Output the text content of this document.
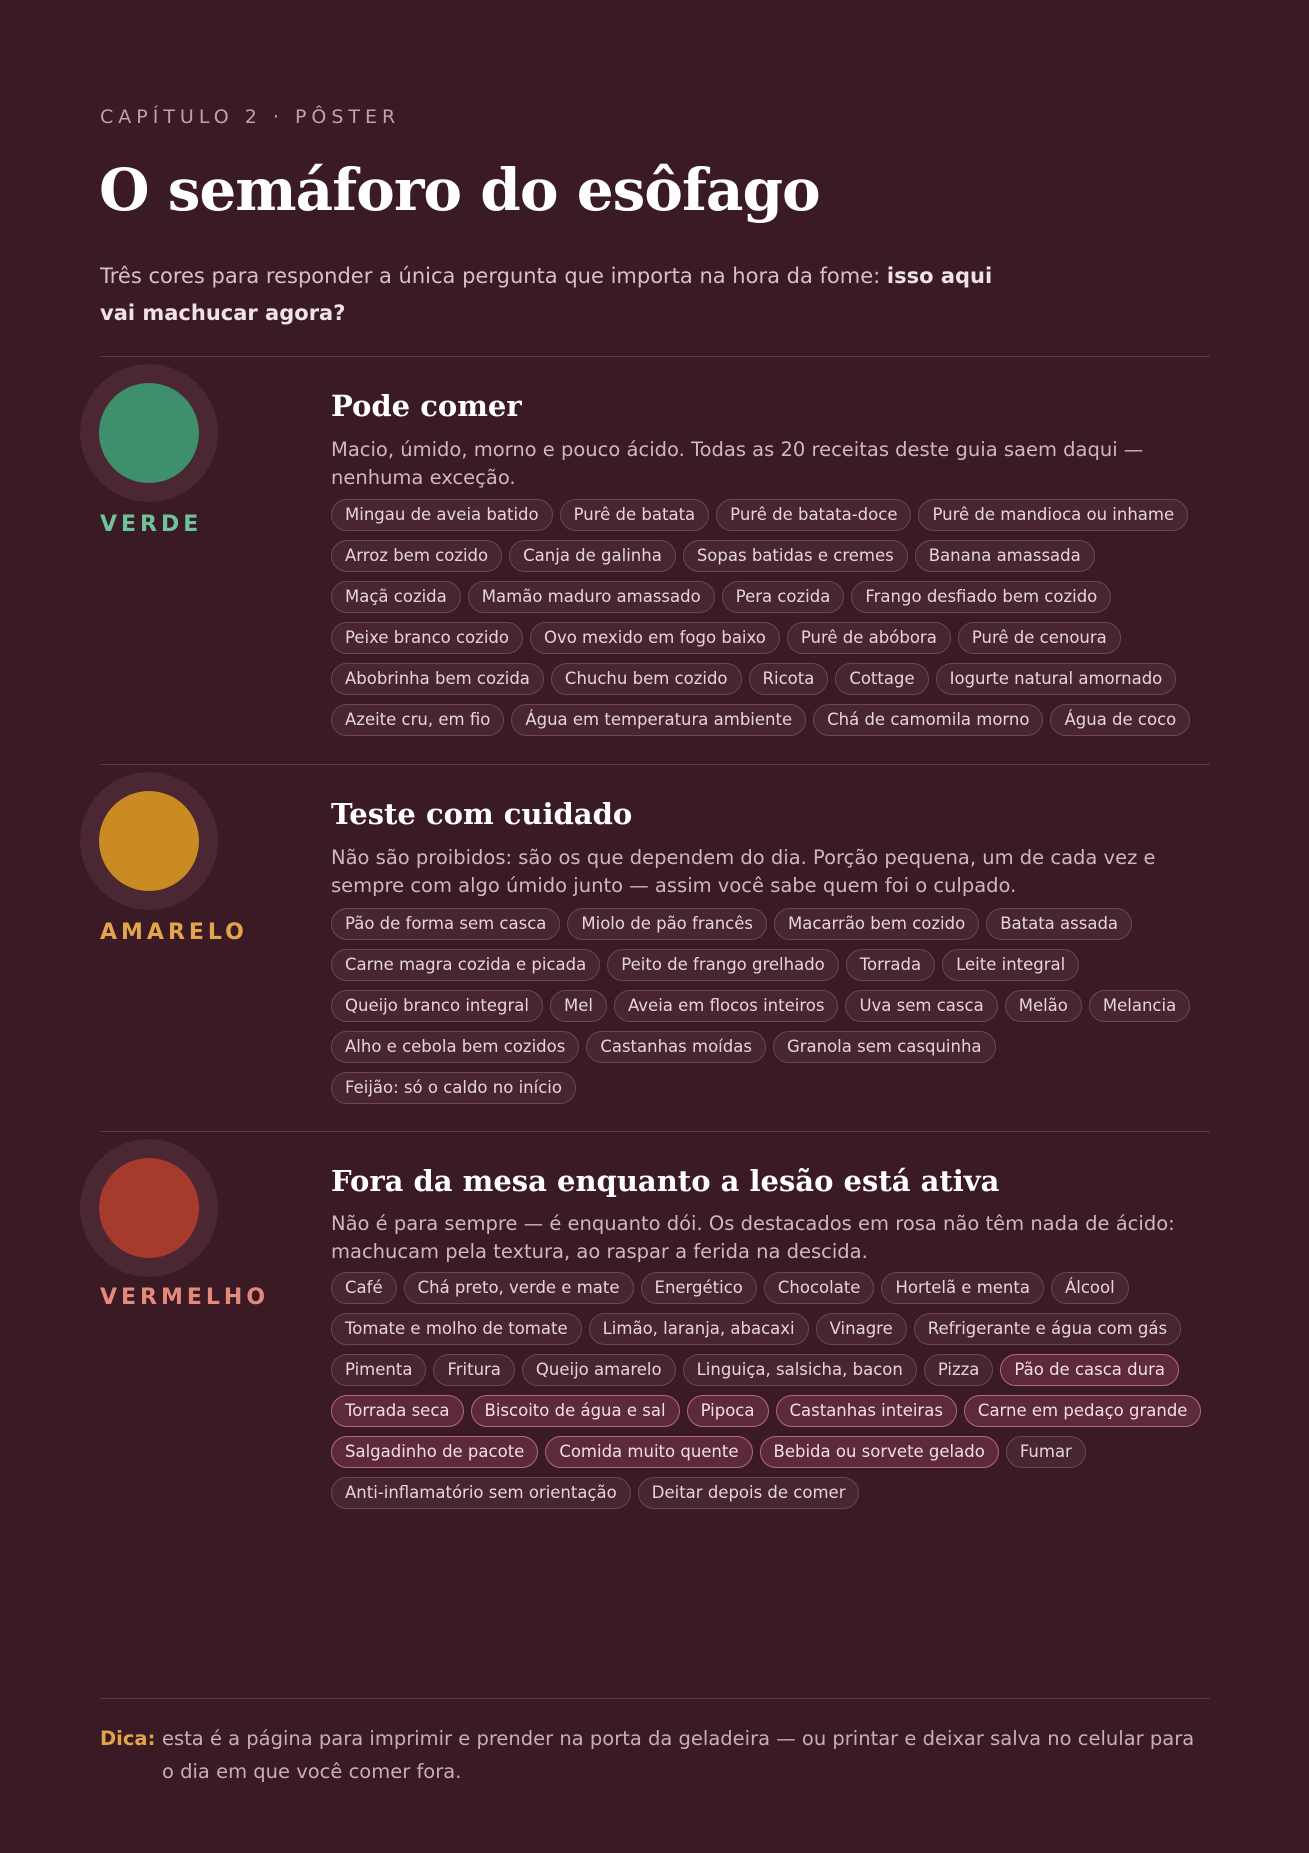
CAPÍTULO 2 · PÔSTER
O semáforo do esôfago
Três cores para responder a única pergunta que importa na hora da fome: isso aqui vai machucar agora?
VERDE
Pode comer
Macio, úmido, morno e pouco ácido. Todas as 20 receitas deste guia saem daqui — nenhuma exceção.
Mingau de aveia batido	Purê de batata	Purê de batata-doce	Purê de mandioca ou inhame
Arroz bem cozido	Canja de galinha	Sopas batidas e cremes	Banana amassada
Maçã cozida	Mamão maduro amassado	Pera cozida	Frango desfiado bem cozido
Peixe branco cozido	Ovo mexido em fogo baixo	Purê de abóbora	Purê de cenoura
Abobrinha bem cozida	Chuchu bem cozido	Ricota	Cottage	Iogurte natural amornado
Azeite cru, em fio	Água em temperatura ambiente	Chá de camomila morno	Água de coco
AMARELO
Teste com cuidado
Não são proibidos: são os que dependem do dia. Porção pequena, um de cada vez e sempre com algo úmido junto — assim você sabe quem foi o culpado.
Pão de forma sem casca	Miolo de pão francês	Macarrão bem cozido	Batata assada
Carne magra cozida e picada	Peito de frango grelhado	Torrada	Leite integral
Queijo branco integral	Mel	Aveia em flocos inteiros	Uva sem casca	Melão	Melancia
Alho e cebola bem cozidos	Castanhas moídas	Granola sem casquinha
Feijão: só o caldo no início
VERMELHO
Fora da mesa enquanto a lesão está ativa
Não é para sempre — é enquanto dói. Os destacados em rosa não têm nada de ácido: machucam pela textura, ao raspar a ferida na descida.
Café	Chá preto, verde e mate	Energético	Chocolate	Hortelã e menta	Álcool
Tomate e molho de tomate	Limão, laranja, abacaxi	Vinagre	Refrigerante e água com gás
Pimenta	Fritura	Queijo amarelo	Linguiça, salsicha, bacon	Pizza	Pão de casca dura
Torrada seca	Biscoito de água e sal	Pipoca	Castanhas inteiras	Carne em pedaço grande
Salgadinho de pacote	Comida muito quente	Bebida ou sorvete gelado	Fumar
Anti-inflamatório sem orientação	Deitar depois de comer
Dica: esta é a página para imprimir e prender na porta da geladeira — ou printar e deixar salva no celular para o dia em que você comer fora.
